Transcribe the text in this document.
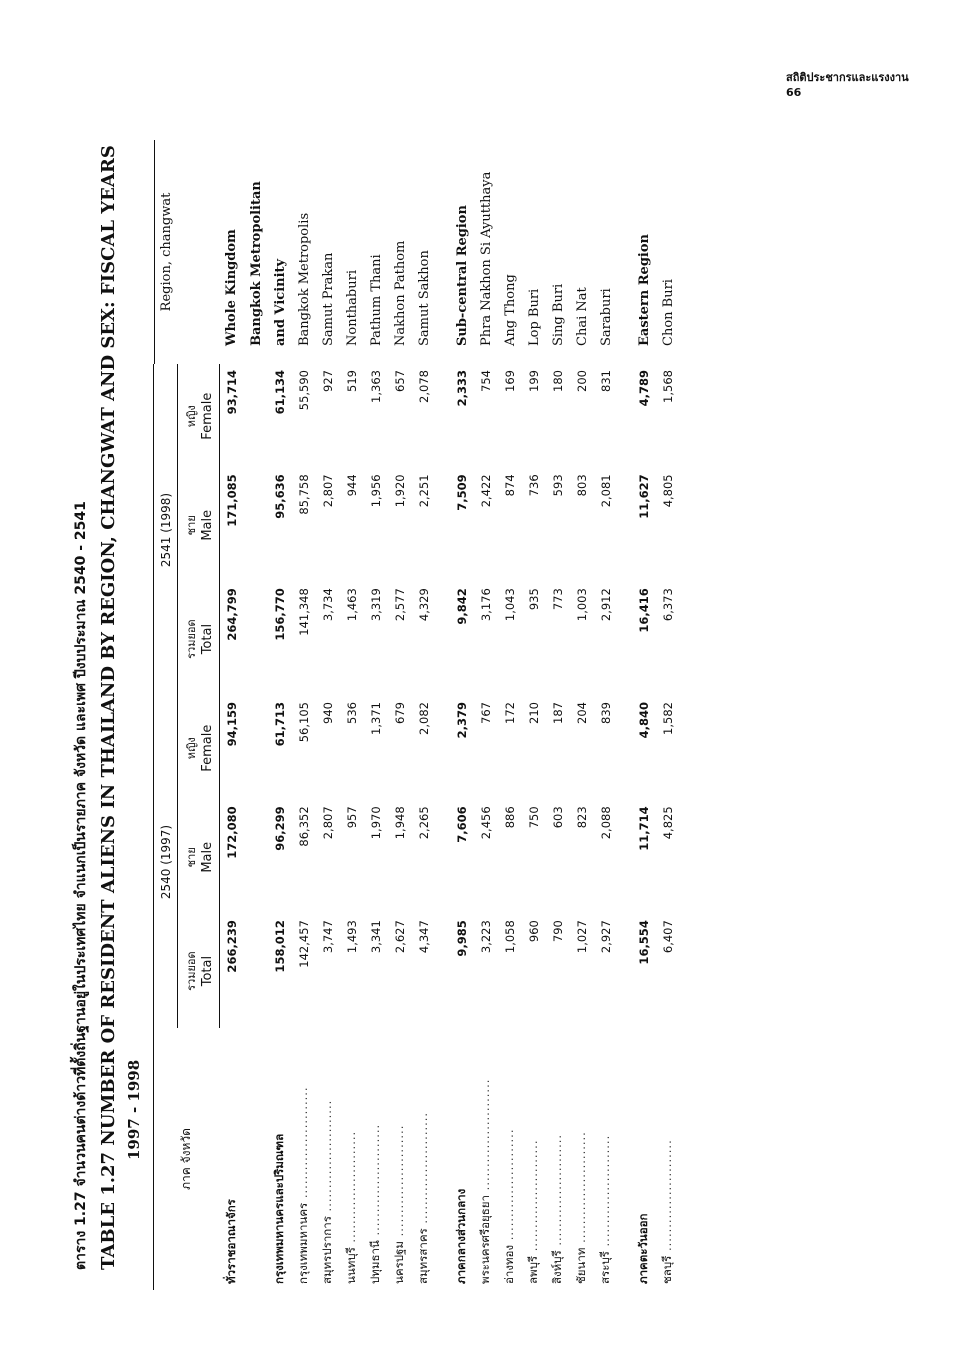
สถิติประชากรและแรงงาน
66
ตาราง 1.27 จำนวนคนต่างด้าวที่ตั้งถิ่นฐานอยู่ในประเทศไทย จำแนกเป็นรายภาค จังหวัด และเพศ ปีงบประมาณ 2540 - 2541 TABLE 1.27 NUMBER OF RESIDENT ALIENS IN THAILAND BY REGION, CHANGWAT AND SEX: FISCAL YEARS 1997 - 1998	ภาค จังหวัด	2540 (1997)			2541 (1998)	
Region, changwat

	รวมยอด Total	ชาย Male	หญิง Female	รวมยอด Total	ชาย Male	หญิง Female	

ทั่วราชอาณาจักร	266,239	172,080	94,159	264,799	171,085	93,714	Whole Kingdom
							Bangkok Metropolitan
กรุงเทพมหานครและปริมณฑล	158,012	96,299	61,713	156,770	95,636	61,134	and Vicinity
กรุงเทพมหานคร .....	142,457	86,352	56,105	141,348	85,758	55,590	Bangkok Metropolis
สมุทรปราการ .....	3,747	2,807	940	3,734	2,807	927	Samut Prakan
นนทบุรี .....	1,493	957	536	1,463	944	519	Nonthaburi
ปทุมธานี .....	3,341	1,970	1,371	3,319	1,956	1,363	Pathum Thani
นครปฐม .....	2,627	1,948	679	2,577	1,920	657	Nakhon Pathom
สมุทรสาคร .....	4,347	2,265	2,082	4,329	2,251	2,078	Samut Sakhon

ภาคกลางส่วนกลาง	9,985	7,606	2,379	9,842	7,509	2,333	Sub-central Region
พระนครศรีอยุธยา .....	3,223	2,456	767	3,176	2,422	754	Phra Nakhon Si Ayutthaya
อ่างทอง .....	1,058	886	172	1,043	874	169	Ang Thong
ลพบุรี .....	960	750	210	935	736	199	Lop Buri
สิงห์บุรี .....	790	603	187	773	593	180	Sing Buri
ชัยนาท .....	1,027	823	204	1,003	803	200	Chai Nat
สระบุรี .....	2,927	2,088	839	2,912	2,081	831	Saraburi

ภาคตะวันออก	16,554	11,714	4,840	16,416	11,627	4,789	Eastern Region
ชลบุรี .....	6,407	4,825	1,582	6,373	4,805	1,568	Chon Buri
